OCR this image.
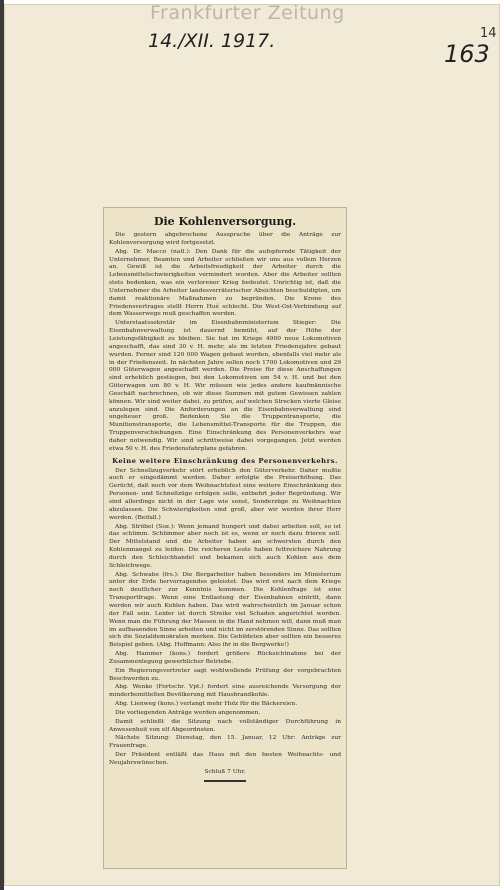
Frankfurter Zeitung
14./XII. 1917.	14
163
Die Kohlenversorgung.

Die gestern abgebrochene Aussprache über die Anträge zur Kohlenversorgung wird fortgesetzt.

Abg. Dr. Macco (natl.): Den Dank für die aufopfernde Tätigkeit der Unternehmer, Beamten und Arbeiter schließen wir uns aus vollem Herzen an. Gewiß ist die Arbeitsfreudigkeit der Arbeiter durch die Lebensmittelschwierigkeiten vermindert worden. Aber die Arbeiter sollten stets bedenken, was ein verlorener Krieg bedeutet. Unrichtig ist, daß die Unternehmer die Arbeiter landesverräterischer Absichten beschuldigten, um damit reaktionäre Maßnahmen zu begründen. Die Krone des Friedensvertrages stellt Herrn Hué schlecht. Die West-Ost-Verbindung auf dem Wasserwege muß geschaffen werden.

Unterstaatssekretär im Eisenbahnministerium Stieger: Die Eisenbahnverwaltung ist dauernd bemüht, auf der Höhe der Leistungsfähigkeit zu bleiben. Sie hat im Kriege 4900 neue Lokomotiven angeschafft, das sind 30 v. H. mehr, als im letzten Friedensjahre gebaut wurden. Ferner sind 120 000 Wagen gebaut worden, ebenfalls viel mehr als in der Friedenszeit. In nächsten Jahre sollen noch 1700 Lokomotiven und 29 000 Güterwagen angeschafft werden. Die Preise für diese Anschaffungen sind erheblich gestiegen, bei den Lokomotiven um 54 v. H. und bei den Güterwagen um 80 v. H. Wir müssen wie jedes andere kaufmännische Geschäft nachrechnen, ob wir diese Summen mit gutem Gewissen zahlen können. Wir sind weiter dabei, zu prüfen, auf welchen Strecken vierte Gleise anzulegen sind. Die Anforderungen an die Eisenbahnverwaltung sind ungeheuer groß. Bedenken Sie die Truppentransporte, die Munitionstransporte, die Lebensmittel-Transporte für die Truppen, die Truppenverschiebungen. Eine Einschränkung des Personenverkehrs war daher notwendig. Wir sind schrittweise dabei vorgegangen. Jetzt werden etwa 50 v. H. des Friedensfahrplans gefahren.

Keine weitere Einschränkung des Personenverkehrs.

Der Schnellzugverkehr stört erheblich den Güterverkehr. Daher mußte auch er eingedämmt werden. Daher erfolgte die Preiserhöhung. Das Gerücht, daß noch vor dem Weihnachtsfest eine weitere Einschränkung des Personen- und Schnellzüge erfolgen solle, entbehrt jeder Begründung. Wir sind allerdings nicht in der Lage wie sonst, Sonderzüge zu Weihnachten abzulassen. Die Schwierigkeiten sind groß, aber wir werden ihrer Herr werden. (Beifall.)

Abg. Ströbel (Soz.): Wenn jemand hungert und dabei arbeiten soll, so ist das schlimm. Schlimmer aber noch ist es, wenn er noch dazu frieren soll. Der Mittelstand und die Arbeiter haben am schwersten durch den Kohlenmangel zu leiden. Die reicheren Leute haben fettreichere Nahrung durch den Schleichhandel und bekamen sich auch Kohlen aus dem Schleichwege.

Abg. Schwabe (frs.): Die Bergarbeiter haben besonders im Ministerium unter der Erde hervorragendes geleistet. Das wird erst nach dem Kriege noch deutlicher zur Kenntnis kommen. Die Kohlenfrage ist eine Transportfrage. Wenn eine Entlastung der Eisenbahnen eintritt, dann werden wir auch Kohlen haben. Das wird wahrscheinlich im Januar schon der Fall sein. Leider ist durch Streike viel Schaden angerichtet worden. Wenn man die Führung der Massen in die Hand nehmen will, dann muß man im aufbauenden Sinne arbeiten und nicht im zerstörenden Sinne. Das sollten sich die Sozialdemokraten merken. Die Gebildeten aber sollten ein besseres Beispiel geben. (Abg. Hoffmann: Also ihr in die Bergwerke!)

Abg. Hammer (kons.) fordert größere Rücksichtnahme bei der Zusammenlegung gewerblicher Betriebe.

Ein Regierungsvertreter sagt wohlwollende Prüfung der vorgebrachten Beschwerden zu.

Abg. Wenke (Fortschr. Vpt.) fordert eine ausreichende Versorgung der minderbemittelten Bevölkerung mit Hausbrandkohle.

Abg. Lienweg (kons.) verlangt mehr Holz für die Bäckereien.

Die vorliegenden Anträge werden angenommen.

Damit schließt die Sitzung nach vollständiger Durchführung in Anwesenheit von elf Abgeordneten.

Nächste Sitzung: Dienstag, den 15. Januar, 12 Uhr: Anträge zur Frauenfrage.

Der Präsident entläßt das Haus mit den besten Weihnachts- und Neujahrswünschen.

Schluß 7 Uhr.
